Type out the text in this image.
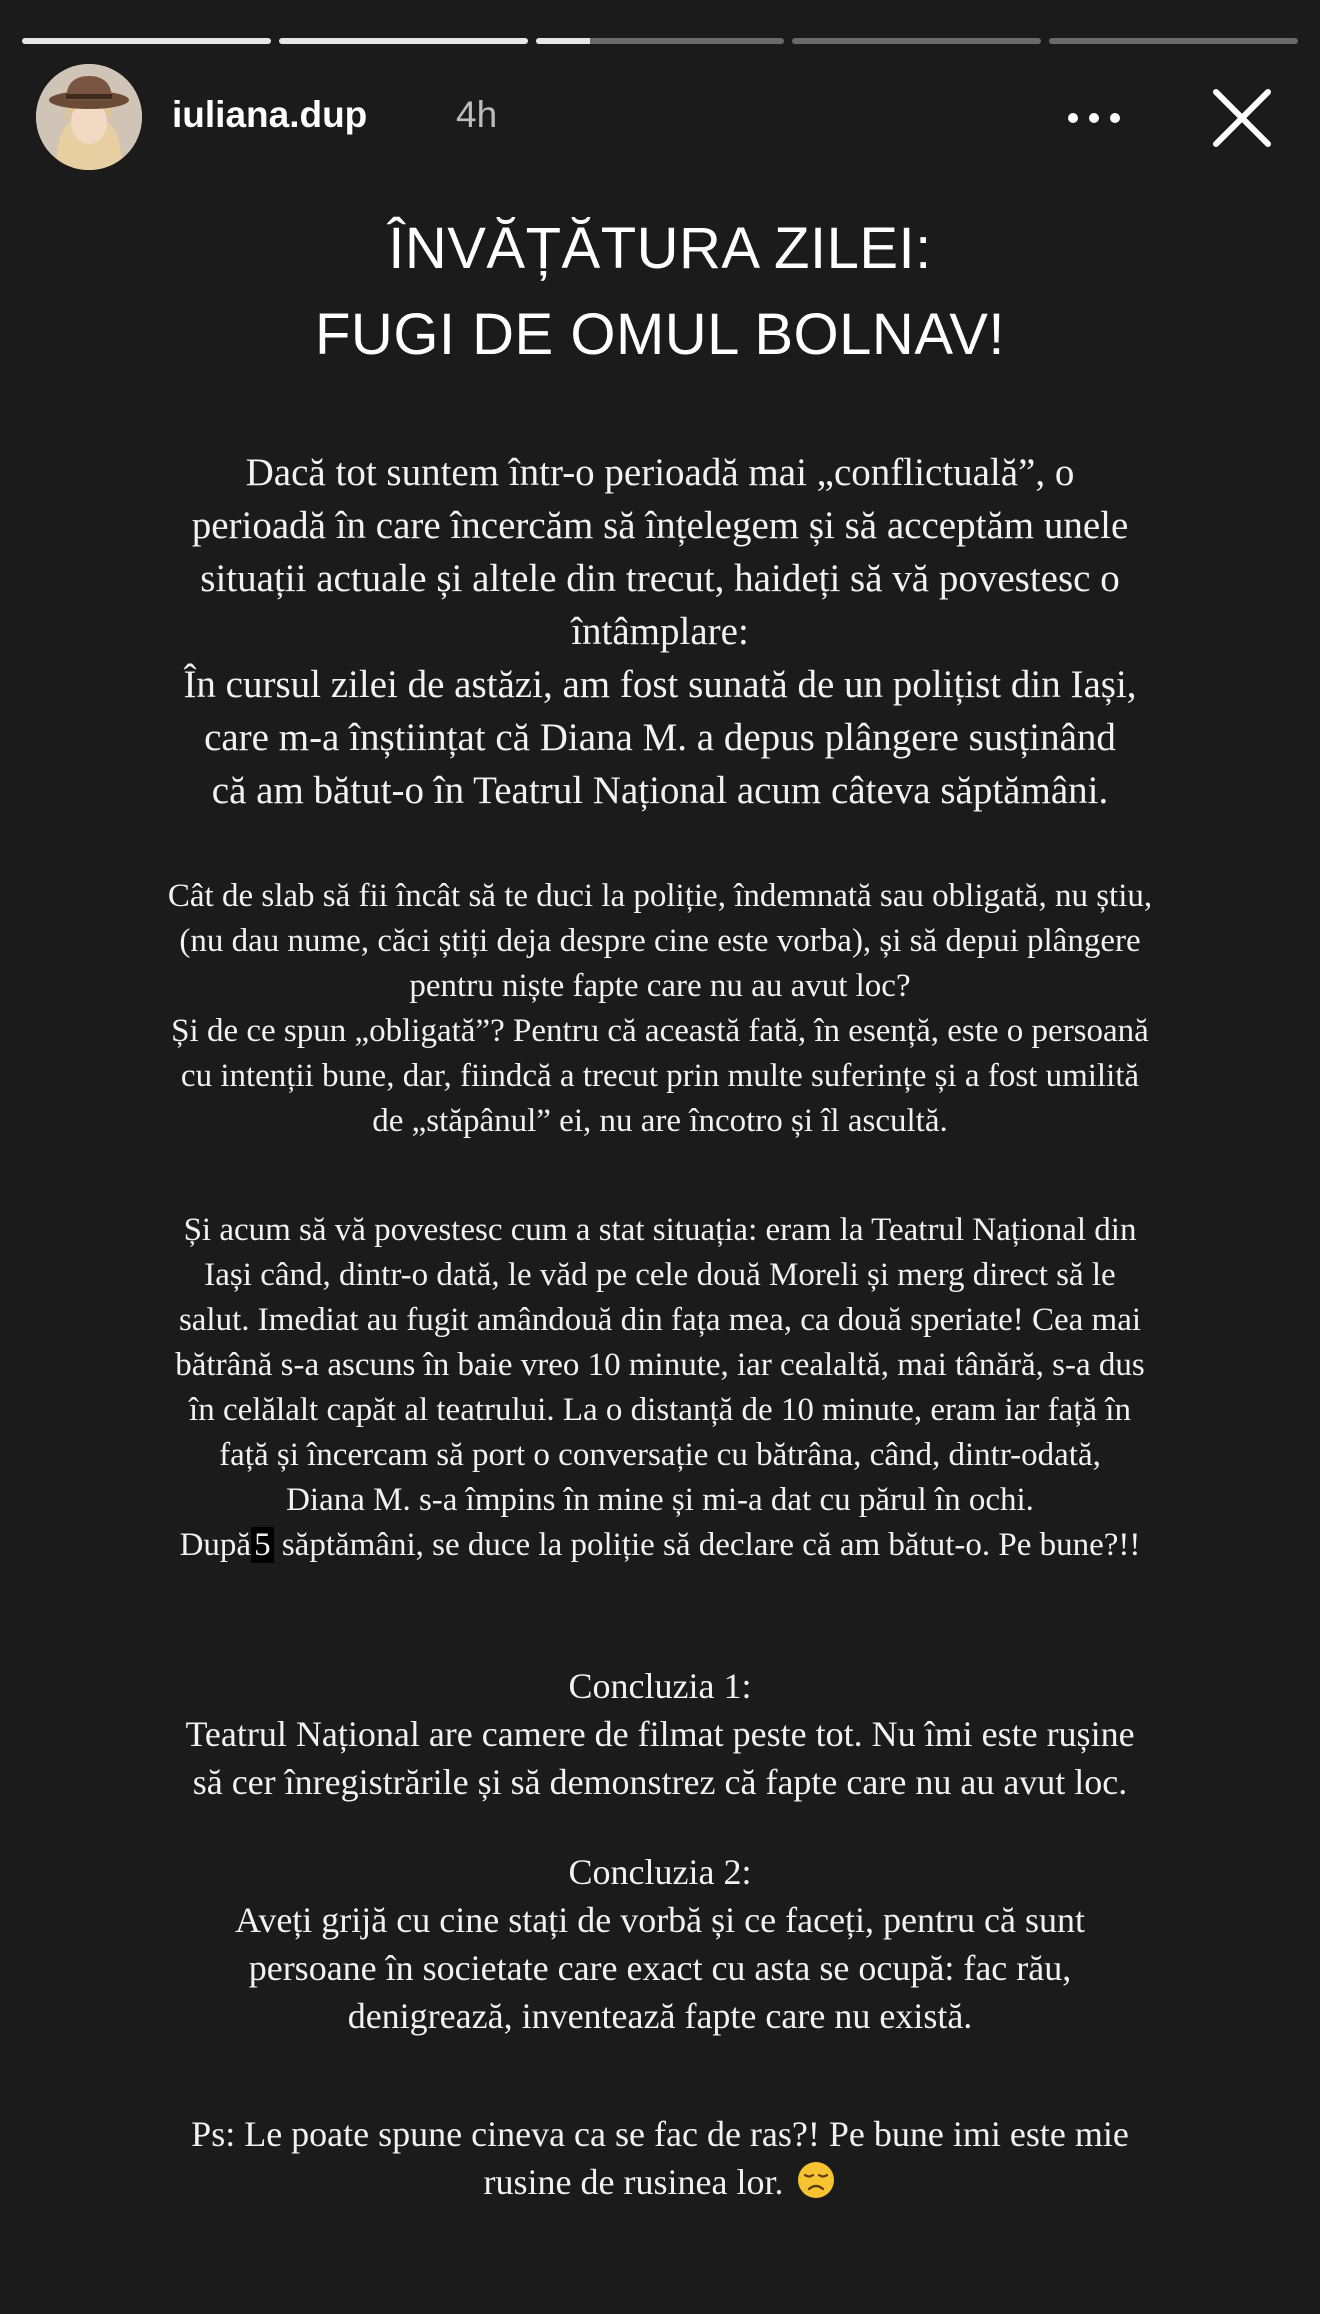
iuliana.dup 4h
ÎNVĂȚĂTURA ZILEI:
FUGI DE OMUL BOLNAV!
Dacă tot suntem într-o perioadă mai „conflictuală”, o
perioadă în care încercăm să înțelegem și să acceptăm unele
situații actuale și altele din trecut, haideți să vă povestesc o
întâmplare:
În cursul zilei de astăzi, am fost sunată de un polițist din Iași,
care m-a înștiințat că Diana M. a depus plângere susținând
că am bătut-o în Teatrul Național acum câteva săptămâni.
Cât de slab să fii încât să te duci la poliție, îndemnată sau obligată, nu știu,
(nu dau nume, căci știți deja despre cine este vorba), și să depui plângere
pentru niște fapte care nu au avut loc?
Și de ce spun „obligată”? Pentru că această fată, în esență, este o persoană
cu intenții bune, dar, fiindcă a trecut prin multe suferințe și a fost umilită
de „stăpânul” ei, nu are încotro și îl ascultă.
Și acum să vă povestesc cum a stat situația: eram la Teatrul Național din
Iași când, dintr-o dată, le văd pe cele două Moreli și merg direct să le
salut. Imediat au fugit amândouă din fața mea, ca două speriate! Cea mai
bătrână s-a ascuns în baie vreo 10 minute, iar cealaltă, mai tânără, s-a dus
în celălalt capăt al teatrului. La o distanță de 10 minute, eram iar față în
față și încercam să port o conversație cu bătrâna, când, dintr-odată,
Diana M. s-a împins în mine și mi-a dat cu părul în ochi.
După5 săptămâni, se duce la poliție să declare că am bătut-o. Pe bune?!!
Concluzia 1:
Teatrul Național are camere de filmat peste tot. Nu îmi este rușine
să cer înregistrările și să demonstrez că fapte care nu au avut loc.
Concluzia 2:
Aveți grijă cu cine stați de vorbă și ce faceți, pentru că sunt
persoane în societate care exact cu asta se ocupă: fac rău,
denigrează, inventează fapte care nu există.
Ps: Le poate spune cineva ca se fac de ras?! Pe bune imi este mie
rusine de rusinea lor.
